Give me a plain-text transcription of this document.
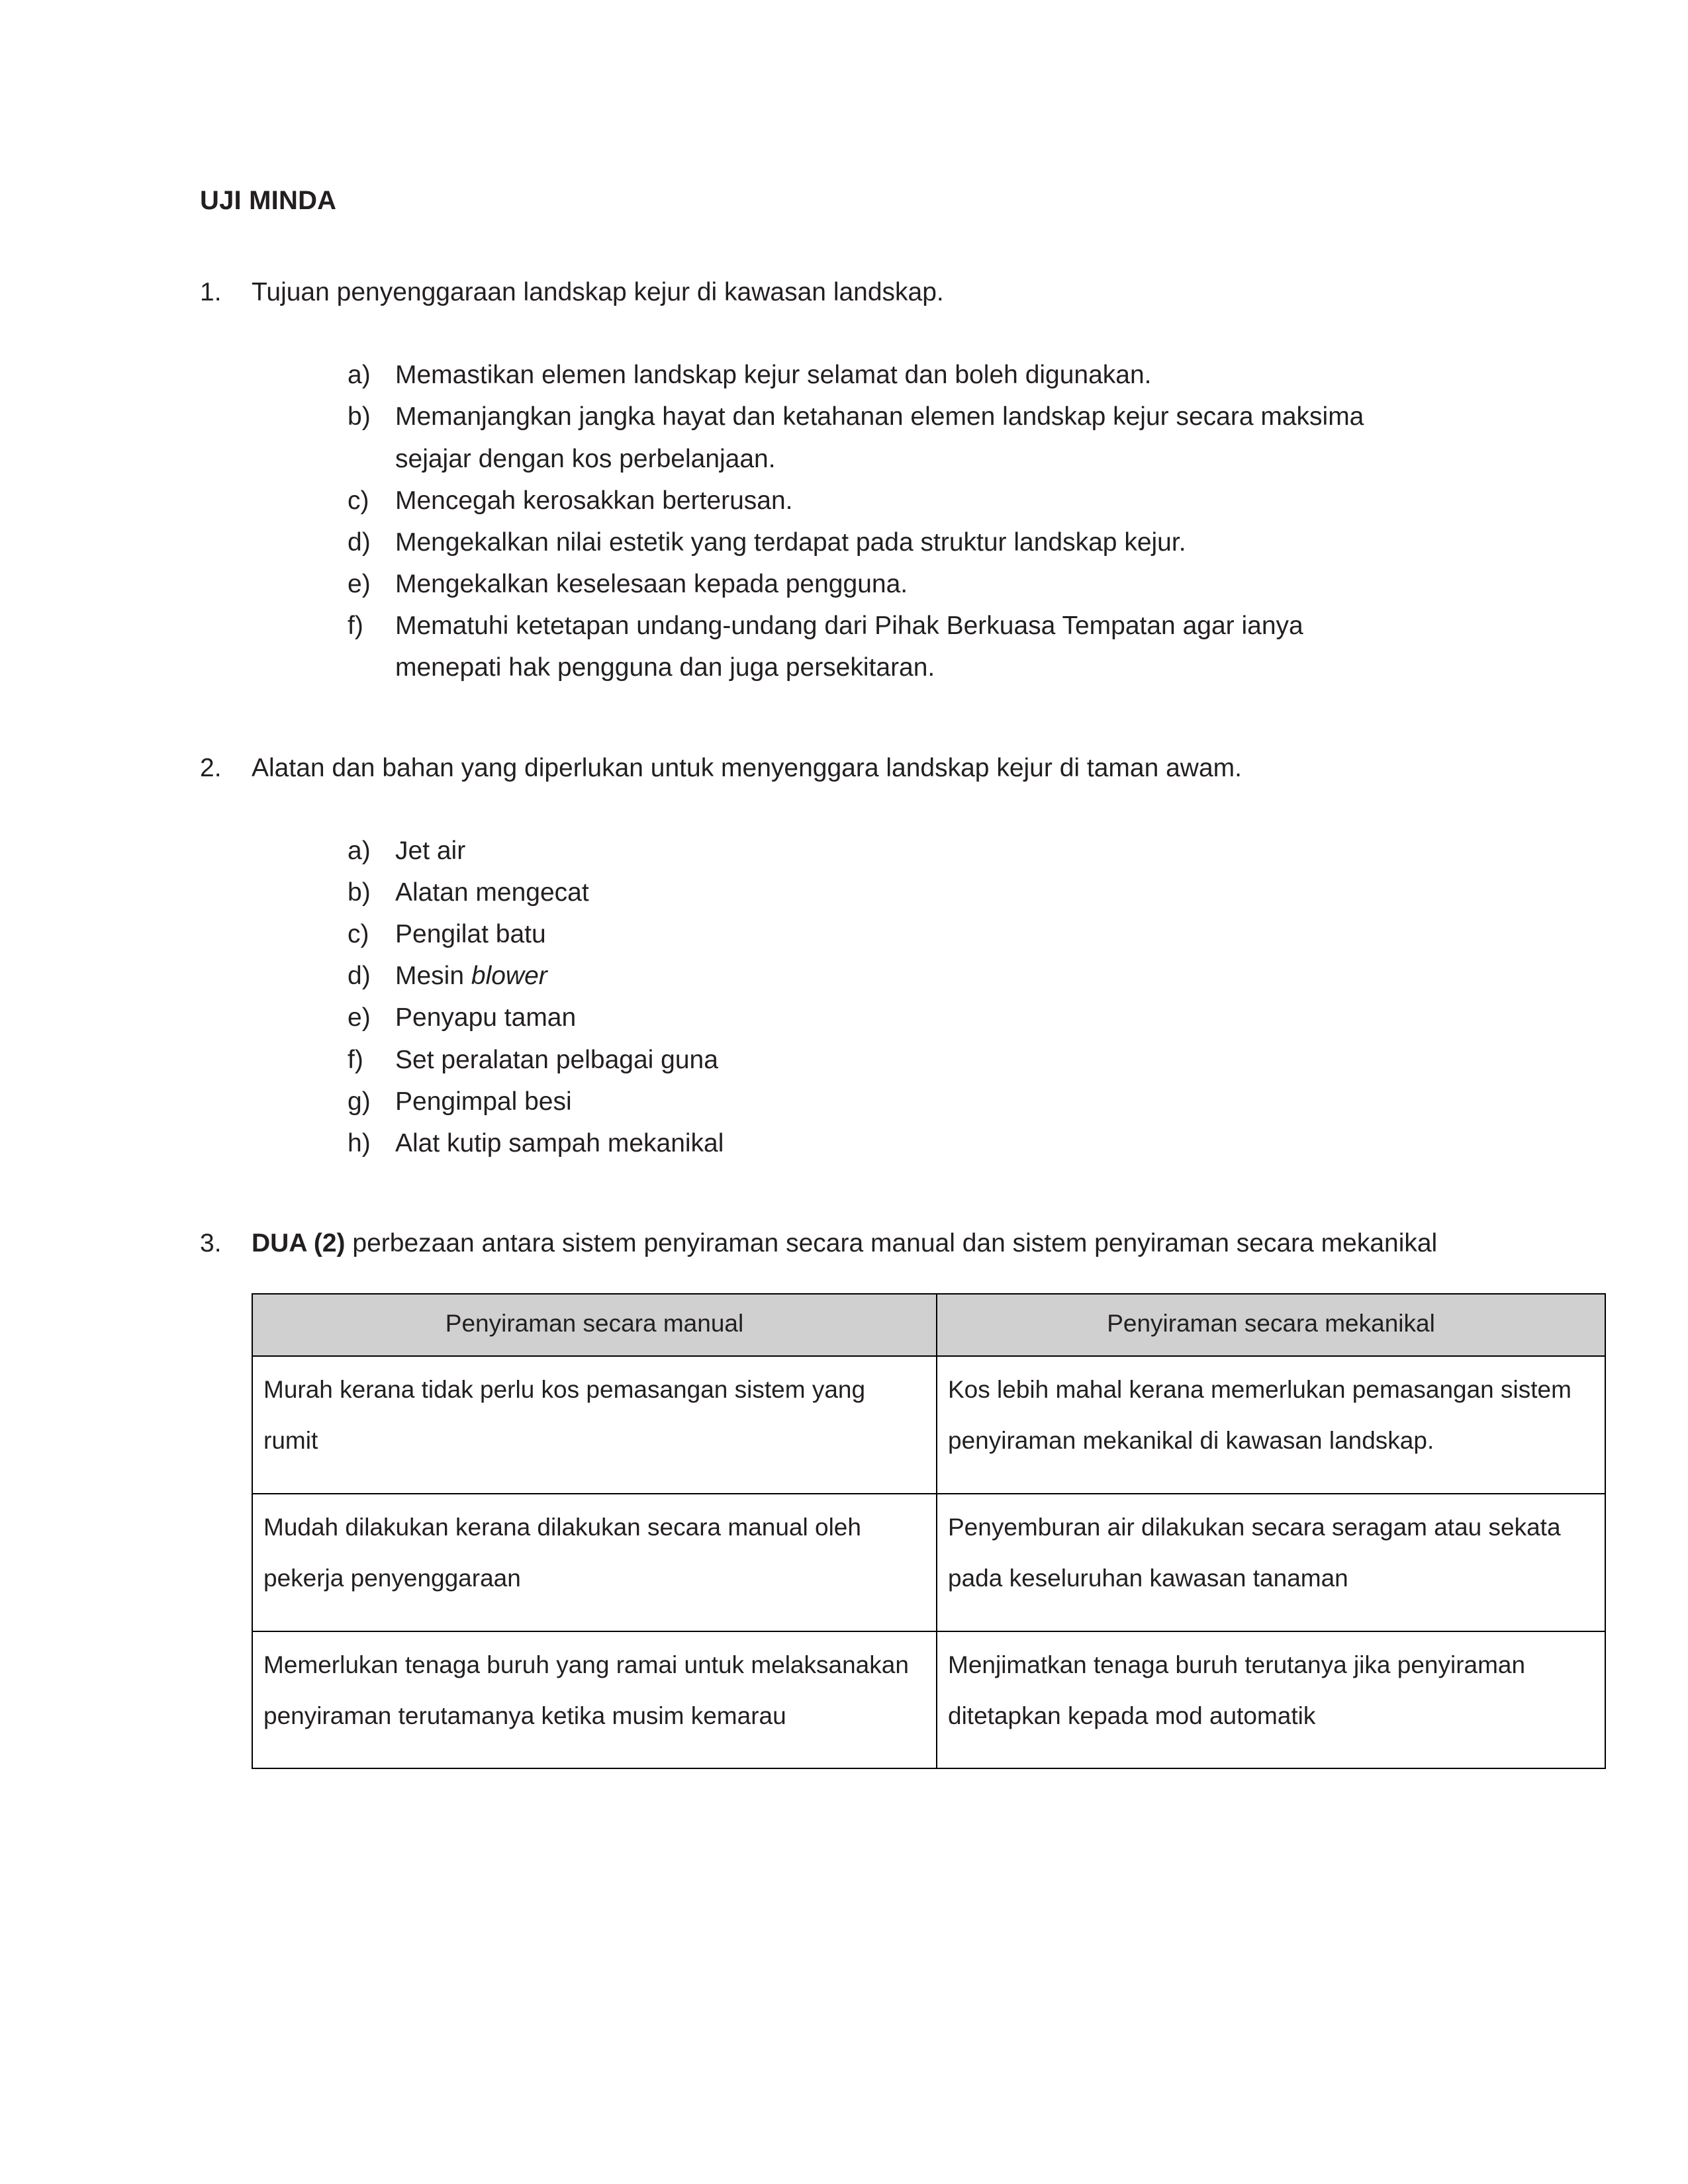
UJI MINDA
1.	Tujuan penyenggaraan landskap kejur di kawasan landskap.
a) Memastikan elemen landskap kejur selamat dan boleh digunakan.
b) Memanjangkan jangka hayat dan ketahanan elemen landskap kejur secara maksima sejajar dengan kos perbelanjaan.
c)	Mencegah kerosakkan berterusan.
d) Mengekalkan nilai estetik yang terdapat pada struktur landskap kejur.
e) Mengekalkan keselesaan kepada pengguna.
f)	Mematuhi ketetapan undang-undang dari Pihak Berkuasa Tempatan agar ianya menepati hak pengguna dan juga persekitaran.
2.	Alatan dan bahan yang diperlukan untuk menyenggara landskap kejur di taman awam.
a) Jet air
b) Alatan mengecat
c)	Pengilat batu
d) Mesin blower
e) Penyapu taman
f)	Set peralatan pelbagai guna
g) Pengimpal besi
h) Alat kutip sampah mekanikal
3.	DUA (2) perbezaan antara sistem penyiraman secara manual dan sistem penyiraman secara mekanikal
Penyiraman secara manual	Penyiraman secara mekanikal
Murah kerana tidak perlu kos pemasangan sistem yang rumit	Kos lebih mahal kerana memerlukan pemasangan sistem penyiraman mekanikal di kawasan landskap.
Mudah dilakukan kerana dilakukan secara manual oleh pekerja penyenggaraan	Penyemburan air dilakukan secara seragam atau sekata pada keseluruhan kawasan tanaman
Memerlukan tenaga buruh yang ramai untuk melaksanakan penyiraman terutamanya ketika musim kemarau	Menjimatkan tenaga buruh terutanya jika penyiraman ditetapkan kepada mod automatik
